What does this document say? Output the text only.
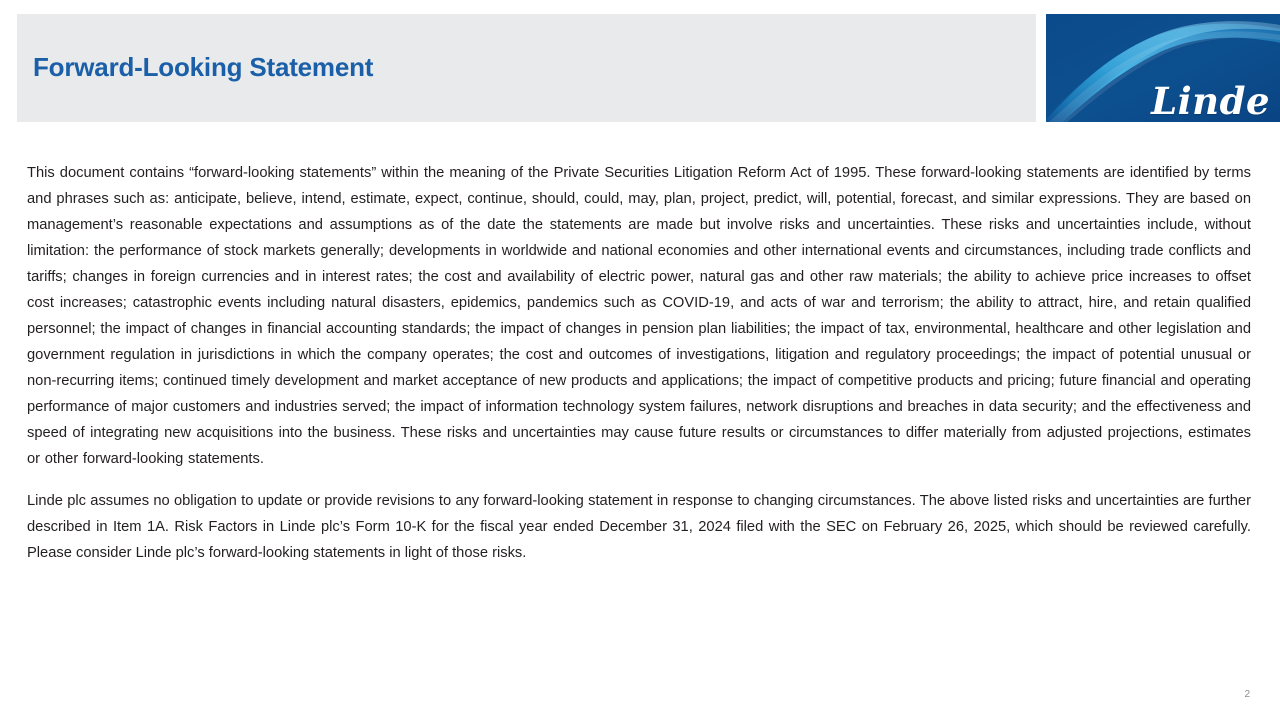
Forward-Looking Statement
Linde

This document contains “forward-looking statements” within the meaning of the Private Securities Litigation Reform Act of 1995. These forward-looking statements are identified by terms and phrases such as: anticipate, believe, intend, estimate, expect, continue, should, could, may, plan, project, predict, will, potential, forecast, and similar expressions. They are based on management’s reasonable expectations and assumptions as of the date the statements are made but involve risks and uncertainties. These risks and uncertainties include, without limitation: the performance of stock markets generally; developments in worldwide and national economies and other international events and circumstances, including trade conflicts and tariffs; changes in foreign currencies and in interest rates; the cost and availability of electric power, natural gas and other raw materials; the ability to achieve price increases to offset cost increases; catastrophic events including natural disasters, epidemics, pandemics such as COVID-19, and acts of war and terrorism; the ability to attract, hire, and retain qualified personnel; the impact of changes in financial accounting standards; the impact of changes in pension plan liabilities; the impact of tax, environmental, healthcare and other legislation and government regulation in jurisdictions in which the company operates; the cost and outcomes of investigations, litigation and regulatory proceedings; the impact of potential unusual or non-recurring items; continued timely development and market acceptance of new products and applications; the impact of competitive products and pricing; future financial and operating performance of major customers and industries served; the impact of information technology system failures, network disruptions and breaches in data security; and the effectiveness and speed of integrating new acquisitions into the business. These risks and uncertainties may cause future results or circumstances to differ materially from adjusted projections, estimates or other forward-looking statements.

Linde plc assumes no obligation to update or provide revisions to any forward-looking statement in response to changing circumstances. The above listed risks and uncertainties are further described in Item 1A. Risk Factors in Linde plc’s Form 10-K for the fiscal year ended December 31, 2024 filed with the SEC on February 26, 2025, which should be reviewed carefully. Please consider Linde plc’s forward-looking statements in light of those risks.

2
